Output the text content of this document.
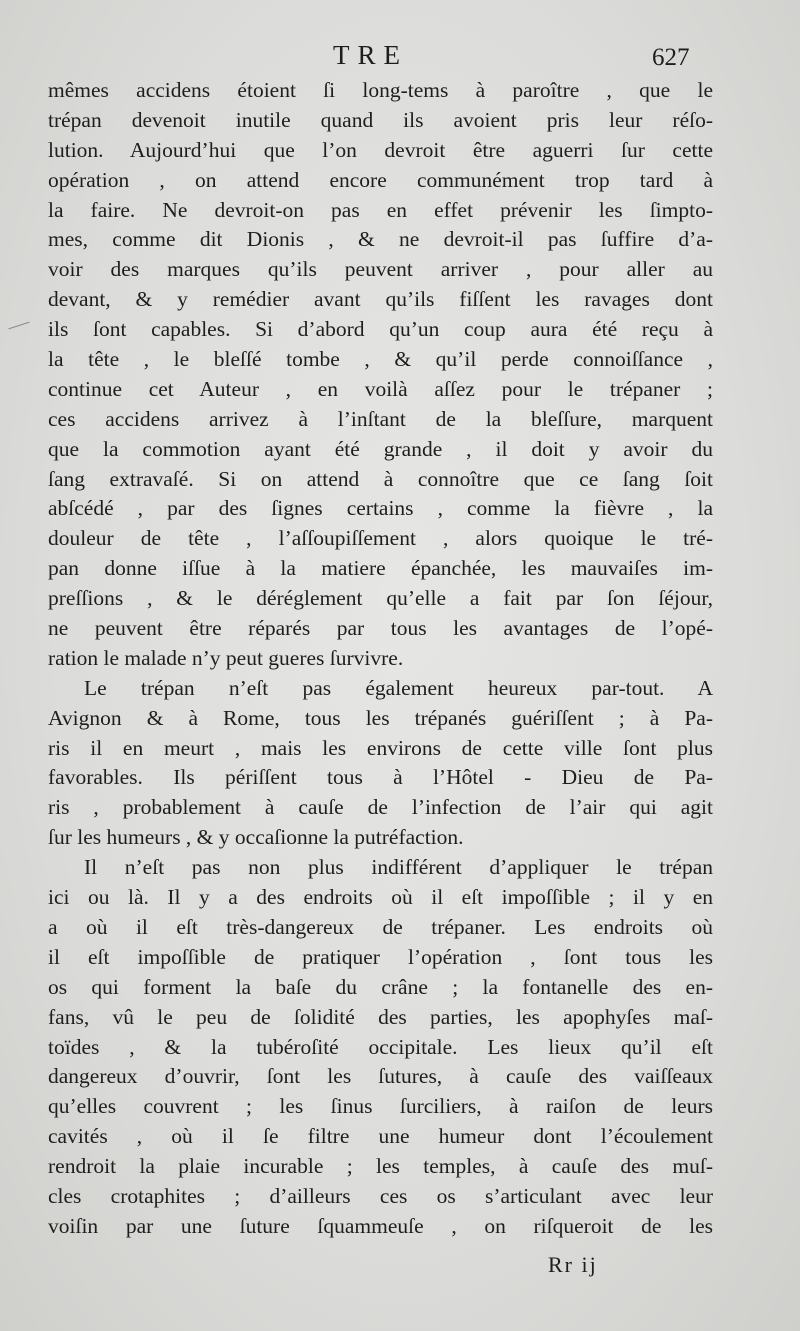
TRE	627
mêmes accidens étoient ſi long-tems à paroître , que le
trépan devenoit inutile quand ils avoient pris leur réſo-
lution. Aujourd’hui que l’on devroit être aguerri ſur cette
opération , on attend encore communément trop tard à
la faire. Ne devroit-on pas en effet prévenir les ſimpto-
mes, comme dit Dionis , & ne devroit-il pas ſuffire d’a-
voir des marques qu’ils peuvent arriver , pour aller au
devant, & y remédier avant qu’ils fiſſent les ravages dont
ils ſont capables. Si d’abord qu’un coup aura été reçu à
la tête , le bleſſé tombe , & qu’il perde connoiſſance ,
continue cet Auteur , en voilà aſſez pour le trépaner ;
ces accidens arrivez à l’inſtant de la bleſſure, marquent
que la commotion ayant été grande , il doit y avoir du
ſang extravaſé. Si on attend à connoître que ce ſang ſoit
abſcédé , par des ſignes certains , comme la fièvre , la
douleur de tête , l’aſſoupiſſement , alors quoique le tré-
pan donne iſſue à la matiere épanchée, les mauvaiſes im-
preſſions , & le déréglement qu’elle a fait par ſon ſéjour,
ne peuvent être réparés par tous les avantages de l’opé-
ration le malade n’y peut gueres ſurvivre.
Le trépan n’eſt pas également heureux par-tout. A
Avignon & à Rome, tous les trépanés guériſſent ; à Pa-
ris il en meurt , mais les environs de cette ville ſont plus
favorables. Ils périſſent tous à l’Hôtel - Dieu de Pa-
ris , probablement à cauſe de l’infection de l’air qui agit
ſur les humeurs , & y occaſionne la putréfaction.
Il n’eſt pas non plus indifférent d’appliquer le trépan
ici ou là. Il y a des endroits où il eſt impoſſible ; il y en
a où il eſt très-dangereux de trépaner. Les endroits où
il eſt impoſſible de pratiquer l’opération , ſont tous les
os qui forment la baſe du crâne ; la fontanelle des en-
fans, vû le peu de ſolidité des parties, les apophyſes maſ-
toïdes , & la tubéroſité occipitale. Les lieux qu’il eſt
dangereux d’ouvrir, ſont les ſutures, à cauſe des vaiſſeaux
qu’elles couvrent ; les ſinus ſurciliers, à raiſon de leurs
cavités , où il ſe filtre une humeur dont l’écoulement
rendroit la plaie incurable ; les temples, à cauſe des muſ-
cles crotaphites ; d’ailleurs ces os s’articulant avec leur
voiſin par une ſuture ſquammeuſe , on riſqueroit de les
Rr ij
